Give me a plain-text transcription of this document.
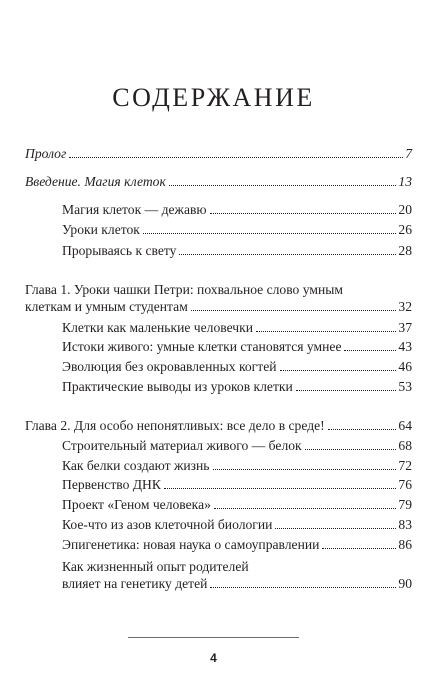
СОДЕРЖАНИЕ
Пролог	7
Введение. Магия клеток	13
Магия клеток — дежавю	20
Уроки клеток	26
Прорываясь к свету	28
Глава 1. Уроки чашки Петри: похвальное слово умным
клеткам и умным студентам	32
Клетки как маленькие человечки	37
Истоки живого: умные клетки становятся умнее	43
Эволюция без окровавленных когтей	46
Практические выводы из уроков клетки	53
Глава 2. Для особо непонятливых: все дело в среде!	64
Строительный материал живого — белок	68
Как белки создают жизнь	72
Первенство ДНК	76
Проект «Геном человека»	79
Кое-что из азов клеточной биологии	83
Эпигенетика: новая наука о самоуправлении	86
Как жизненный опыт родителей
влияет на генетику детей	90
4
